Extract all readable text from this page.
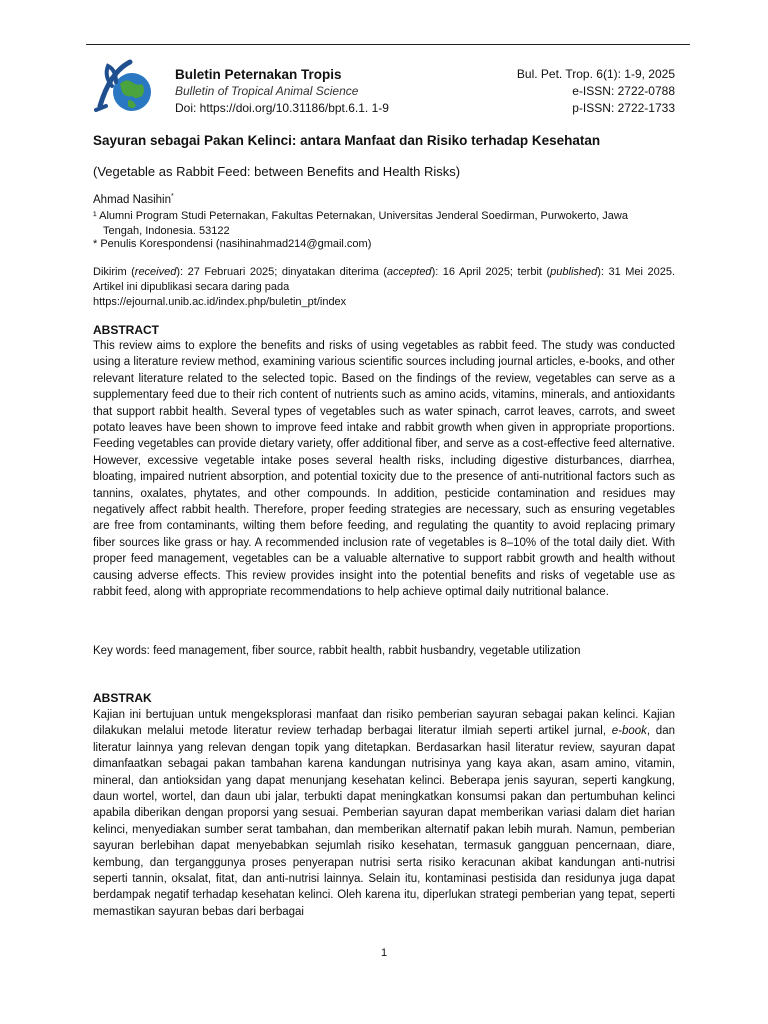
Buletin Peternakan Tropis
Bulletin of Tropical Animal Science
Doi: https://doi.org/10.31186/bpt.6.1. 1-9
Bul. Pet. Trop. 6(1): 1-9, 2025
e-ISSN: 2722-0788
p-ISSN: 2722-1733
Sayuran sebagai Pakan Kelinci: antara Manfaat dan Risiko terhadap Kesehatan
(Vegetable as Rabbit Feed: between Benefits and Health Risks)
Ahmad Nasihin*
¹ Alumni Program Studi Peternakan, Fakultas Peternakan, Universitas Jenderal Soedirman, Purwokerto, Jawa
Tengah, Indonesia. 53122
* Penulis Korespondensi (nasihinahmad214@gmail.com)
Dikirim (received): 27 Februari 2025; dinyatakan diterima (accepted): 16 April 2025; terbit (published): 31 Mei 2025. Artikel ini dipublikasi secara daring pada
https://ejournal.unib.ac.id/index.php/buletin_pt/index
ABSTRACT
This review aims to explore the benefits and risks of using vegetables as rabbit feed. The study was conducted using a literature review method, examining various scientific sources including journal articles, e-books, and other relevant literature related to the selected topic. Based on the findings of the review, vegetables can serve as a supplementary feed due to their rich content of nutrients such as amino acids, vitamins, minerals, and antioxidants that support rabbit health. Several types of vegetables such as water spinach, carrot leaves, carrots, and sweet potato leaves have been shown to improve feed intake and rabbit growth when given in appropriate proportions. Feeding vegetables can provide dietary variety, offer additional fiber, and serve as a cost-effective feed alternative. However, excessive vegetable intake poses several health risks, including digestive disturbances, diarrhea, bloating, impaired nutrient absorption, and potential toxicity due to the presence of anti-nutritional factors such as tannins, oxalates, phytates, and other compounds. In addition, pesticide contamination and residues may negatively affect rabbit health. Therefore, proper feeding strategies are necessary, such as ensuring vegetables are free from contaminants, wilting them before feeding, and regulating the quantity to avoid replacing primary fiber sources like grass or hay. A recommended inclusion rate of vegetables is 8–10% of the total daily diet. With proper feed management, vegetables can be a valuable alternative to support rabbit growth and health without causing adverse effects. This review provides insight into the potential benefits and risks of vegetable use as rabbit feed, along with appropriate recommendations to help achieve optimal daily nutritional balance.
Key words: feed management, fiber source, rabbit health, rabbit husbandry, vegetable utilization
ABSTRAK
Kajian ini bertujuan untuk mengeksplorasi manfaat dan risiko pemberian sayuran sebagai pakan kelinci. Kajian dilakukan melalui metode literatur review terhadap berbagai literatur ilmiah seperti artikel jurnal, e-book, dan literatur lainnya yang relevan dengan topik yang ditetapkan. Berdasarkan hasil literatur review, sayuran dapat dimanfaatkan sebagai pakan tambahan karena kandungan nutrisinya yang kaya akan, asam amino, vitamin, mineral, dan antioksidan yang dapat menunjang kesehatan kelinci. Beberapa jenis sayuran, seperti kangkung, daun wortel, wortel, dan daun ubi jalar, terbukti dapat meningkatkan konsumsi pakan dan pertumbuhan kelinci apabila diberikan dengan proporsi yang sesuai. Pemberian sayuran dapat memberikan variasi dalam diet harian kelinci, menyediakan sumber serat tambahan, dan memberikan alternatif pakan lebih murah. Namun, pemberian sayuran berlebihan dapat menyebabkan sejumlah risiko kesehatan, termasuk gangguan pencernaan, diare, kembung, dan terganggunya proses penyerapan nutrisi serta risiko keracunan akibat kandungan anti-nutrisi seperti tannin, oksalat, fitat, dan anti-nutrisi lainnya. Selain itu, kontaminasi pestisida dan residunya juga dapat berdampak negatif terhadap kesehatan kelinci. Oleh karena itu, diperlukan strategi pemberian yang tepat, seperti memastikan sayuran bebas dari berbagai
1
